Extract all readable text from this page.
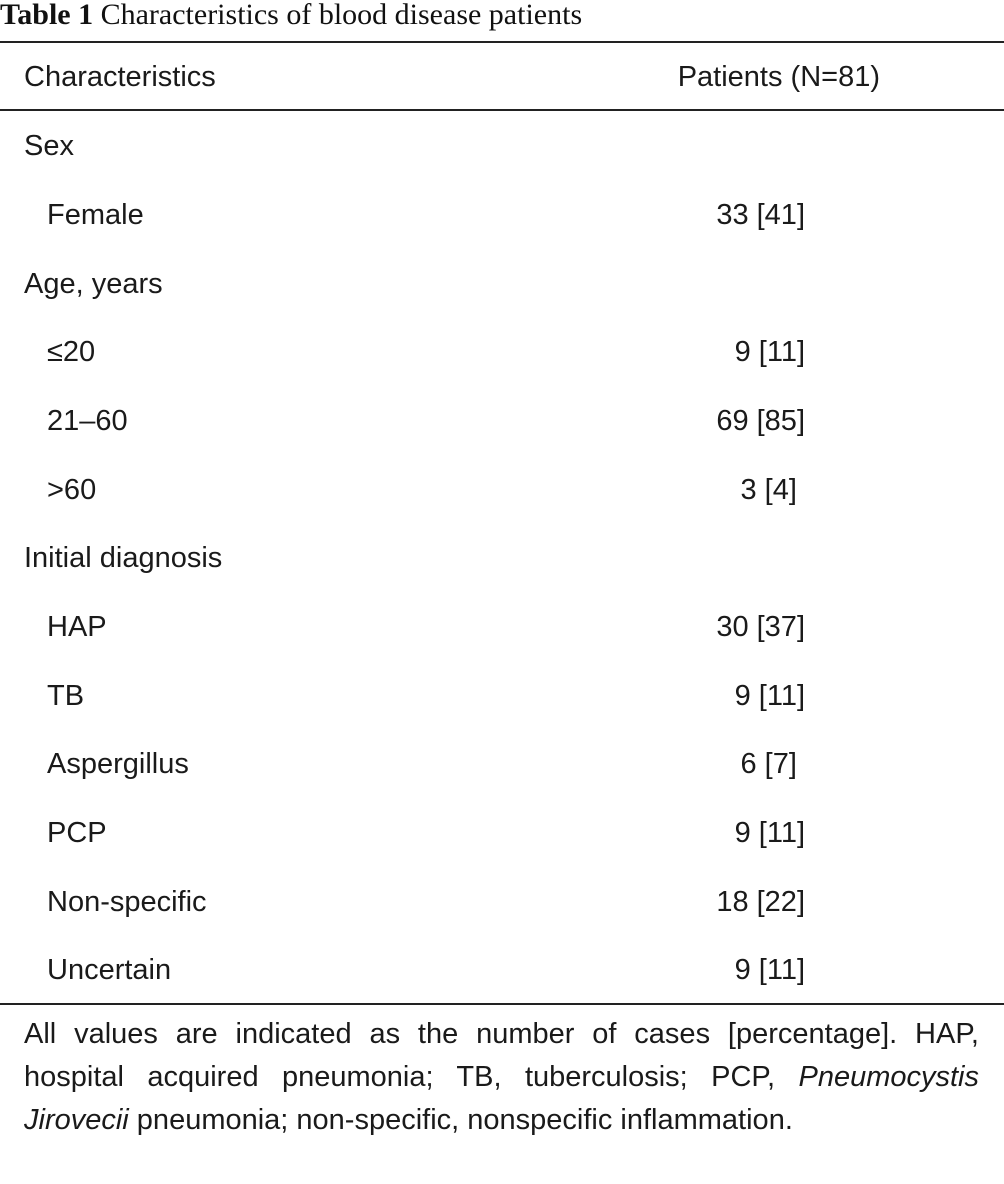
Table 1 Characteristics of blood disease patients
Characteristics	Patients (N=81)
Sex
Female	33 [41]
Age, years
≤20	9 [11]
21–60	69 [85]
>60	3 [4]
Initial diagnosis
HAP	30 [37]
TB	9 [11]
Aspergillus	6 [7]
PCP	9 [11]
Non-specific	18 [22]
Uncertain	9 [11]
All values are indicated as the number of cases [percentage]. HAP, hospital acquired pneumonia; TB, tuberculosis; PCP, Pneumocystis Jirovecii pneumonia; non-specific, nonspecific inflammation.
